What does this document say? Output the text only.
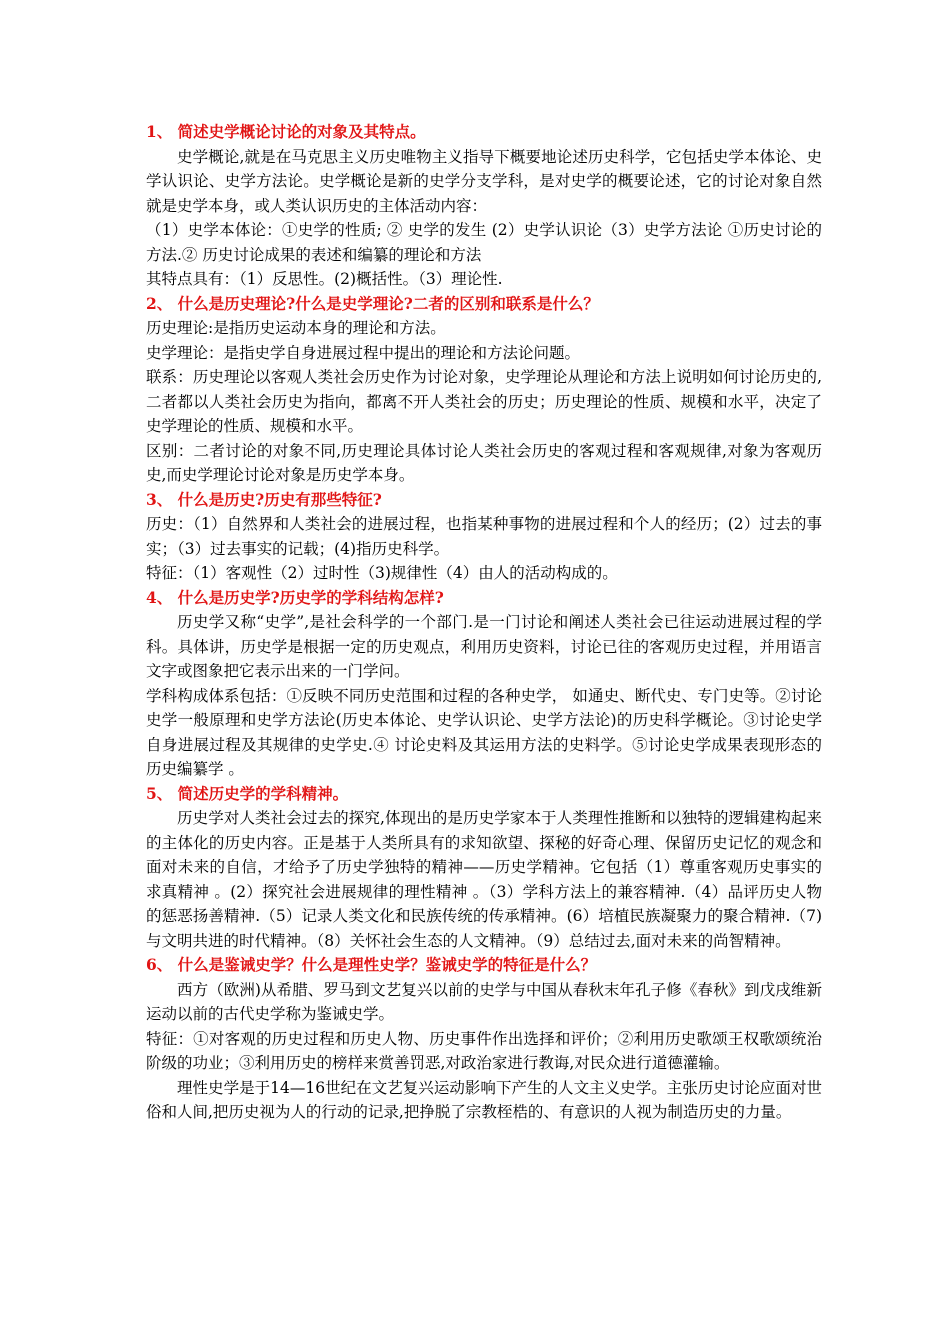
1、 简述史学概论讨论的对象及其特点。

史学概论,就是在马克思主义历史唯物主义指导下概要地论述历史科学，它包括史学本体论、史学认识论、史学方法论。史学概论是新的史学分支学科，是对史学的概要论述，它的讨论对象自然就是史学本身，或人类认识历史的主体活动内容：

（1）史学本体论：①史学的性质; ② 史学的发生 (2）史学认识论（3）史学方法论 ①历史讨论的方法.② 历史讨论成果的表述和编纂的理论和方法

其特点具有：（1）反思性。(2)概括性。（3）理论性.

2、 什么是历史理论?什么是史学理论?二者的区别和联系是什么？

历史理论:是指历史运动本身的理论和方法。

史学理论：是指史学自身进展过程中提出的理论和方法论问题。

联系：历史理论以客观人类社会历史作为讨论对象，史学理论从理论和方法上说明如何讨论历史的,二者都以人类社会历史为指向，都离不开人类社会的历史；历史理论的性质、规模和水平，决定了史学理论的性质、规模和水平。

区别：二者讨论的对象不同,历史理论具体讨论人类社会历史的客观过程和客观规律,对象为客观历史,而史学理论讨论对象是历史学本身。

3、 什么是历史?历史有那些特征?

历史：（1）自然界和人类社会的进展过程，也指某种事物的进展过程和个人的经历；(2）过去的事实；（3）过去事实的记载；(4)指历史科学。

特征：（1）客观性（2）过时性（3)规律性（4）由人的活动构成的。

4、 什么是历史学?历史学的学科结构怎样?

历史学又称“史学”,是社会科学的一个部门.是一门讨论和阐述人类社会已往运动进展过程的学科。具体讲，历史学是根据一定的历史观点，利用历史资料，讨论已往的客观历史过程，并用语言文字或图象把它表示出来的一门学问。

学科构成体系包括：①反映不同历史范围和过程的各种史学， 如通史、断代史、专门史等。②讨论史学一般原理和史学方法论(历史本体论、史学认识论、史学方法论)的历史科学概论。③讨论史学自身进展过程及其规律的史学史.④ 讨论史料及其运用方法的史料学。⑤讨论史学成果表现形态的历史编纂学 。

5、 简述历史学的学科精神。

历史学对人类社会过去的探究,体现出的是历史学家本于人类理性推断和以独特的逻辑建构起来的主体化的历史内容。正是基于人类所具有的求知欲望、探秘的好奇心理、保留历史记忆的观念和面对未来的自信，才给予了历史学独特的精神——历史学精神。它包括（1）尊重客观历史事实的求真精神 。(2）探究社会进展规律的理性精神 。（3）学科方法上的兼容精神.（4）品评历史人物的惩恶扬善精神.（5）记录人类文化和民族传统的传承精神。(6）培植民族凝聚力的聚合精神.（7)与文明共进的时代精神。（8）关怀社会生态的人文精神。（9）总结过去,面对未来的尚智精神。

6、 什么是鉴诫史学？什么是理性史学？鉴诫史学的特征是什么？

西方（欧洲)从希腊、罗马到文艺复兴以前的史学与中国从春秋末年孔子修《春秋》到戊戌维新运动以前的古代史学称为鉴诫史学。

特征：①对客观的历史过程和历史人物、历史事件作出选择和评价；②利用历史歌颂王权歌颂统治阶级的功业；③利用历史的榜样来赏善罚恶,对政治家进行教诲,对民众进行道德灌输。

理性史学是于14—16世纪在文艺复兴运动影响下产生的人文主义史学。主张历史讨论应面对世俗和人间,把历史视为人的行动的记录,把挣脱了宗教桎梏的、有意识的人视为制造历史的力量。
